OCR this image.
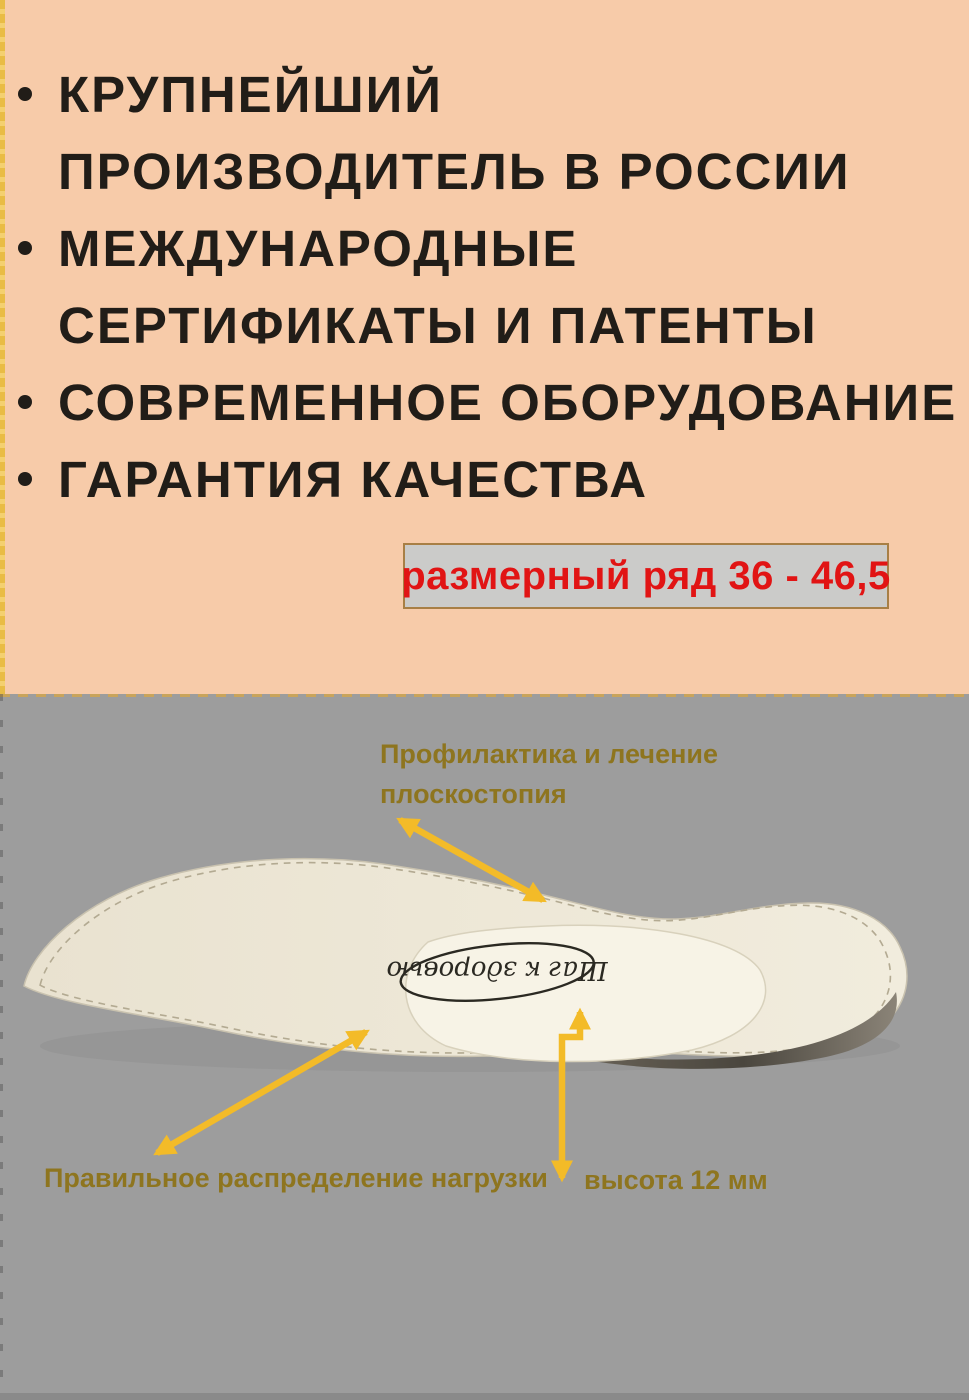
КРУПНЕЙШИЙ
ПРОИЗВОДИТЕЛЬ В РОССИИ
МЕЖДУНАРОДНЫЕ
СЕРТИФИКАТЫ И ПАТЕНТЫ
СОВРЕМЕННОЕ ОБОРУДОВАНИЕ
ГАРАНТИЯ КАЧЕСТВА
размерный ряд 36 - 46,5
Шаг к здоровью
Профилактика и лечение
плоскостопия
Правильное распределение нагрузки высота 12 мм
